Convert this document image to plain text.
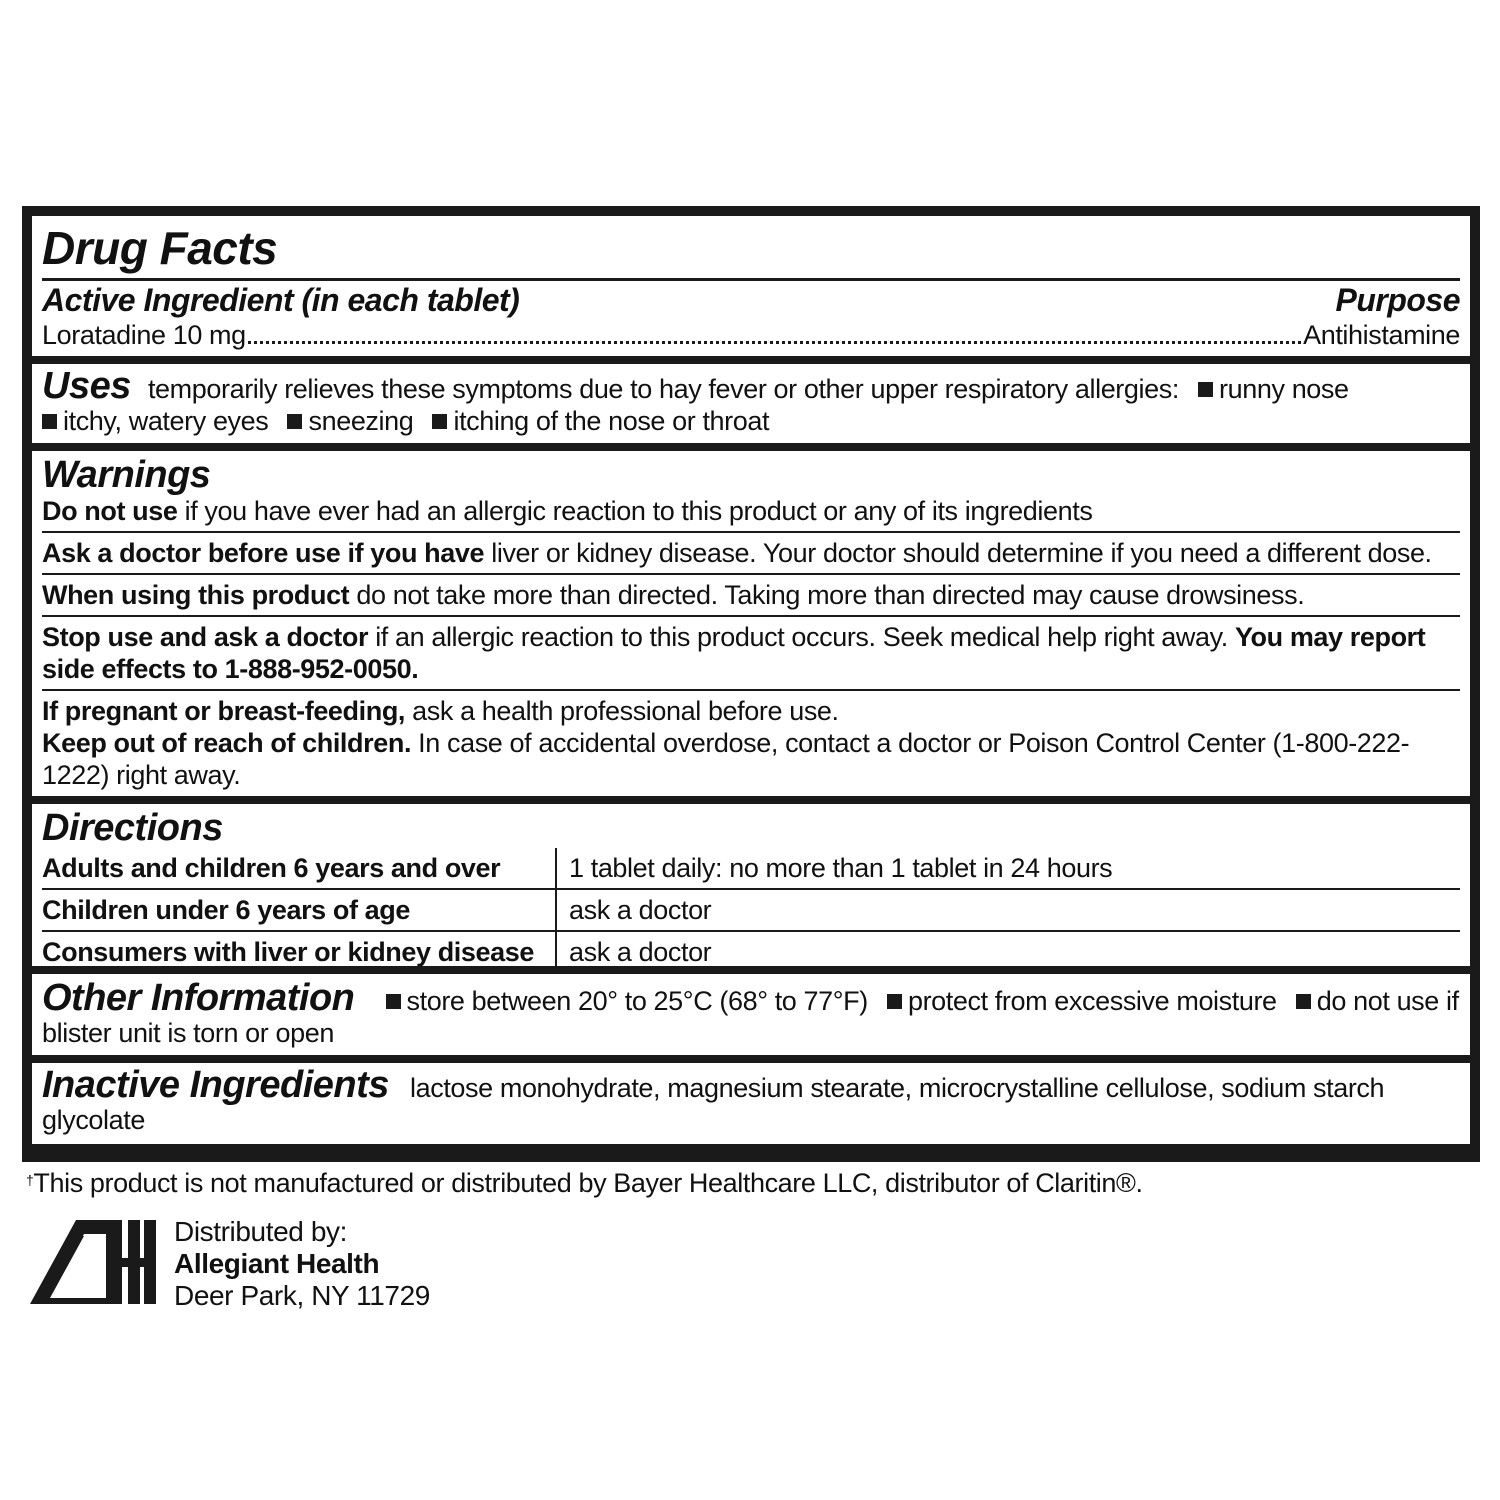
Drug Facts
Active Ingredient (in each tablet)	Purpose
Loratadine 10 mg	Antihistamine
Uses temporarily relieves these symptoms due to hay fever or other upper respiratory allergies: runny nose
itchy, watery eyes sneezing itching of the nose or throat
Warnings
Do not use if you have ever had an allergic reaction to this product or any of its ingredients
Ask a doctor before use if you have liver or kidney disease. Your doctor should determine if you need a different dose.
When using this product do not take more than directed. Taking more than directed may cause drowsiness.
Stop use and ask a doctor if an allergic reaction to this product occurs. Seek medical help right away. You may report side effects to 1-888-952-0050.
If pregnant or breast-feeding, ask a health professional before use.
Keep out of reach of children. In case of accidental overdose, contact a doctor or Poison Control Center (1-800-222-1222) right away.
Directions
Adults and children 6 years and over	1 tablet daily: no more than 1 tablet in 24 hours
Children under 6 years of age	ask a doctor
Consumers with liver or kidney disease	ask a doctor
Other Information store between 20° to 25°C (68° to 77°F) protect from excessive moisture do not use if blister unit is torn or open
Inactive Ingredients lactose monohydrate, magnesium stearate, microcrystalline cellulose, sodium starch glycolate
†This product is not manufactured or distributed by Bayer Healthcare LLC, distributor of Claritin®.
Distributed by:
Allegiant Health
Deer Park, NY 11729
